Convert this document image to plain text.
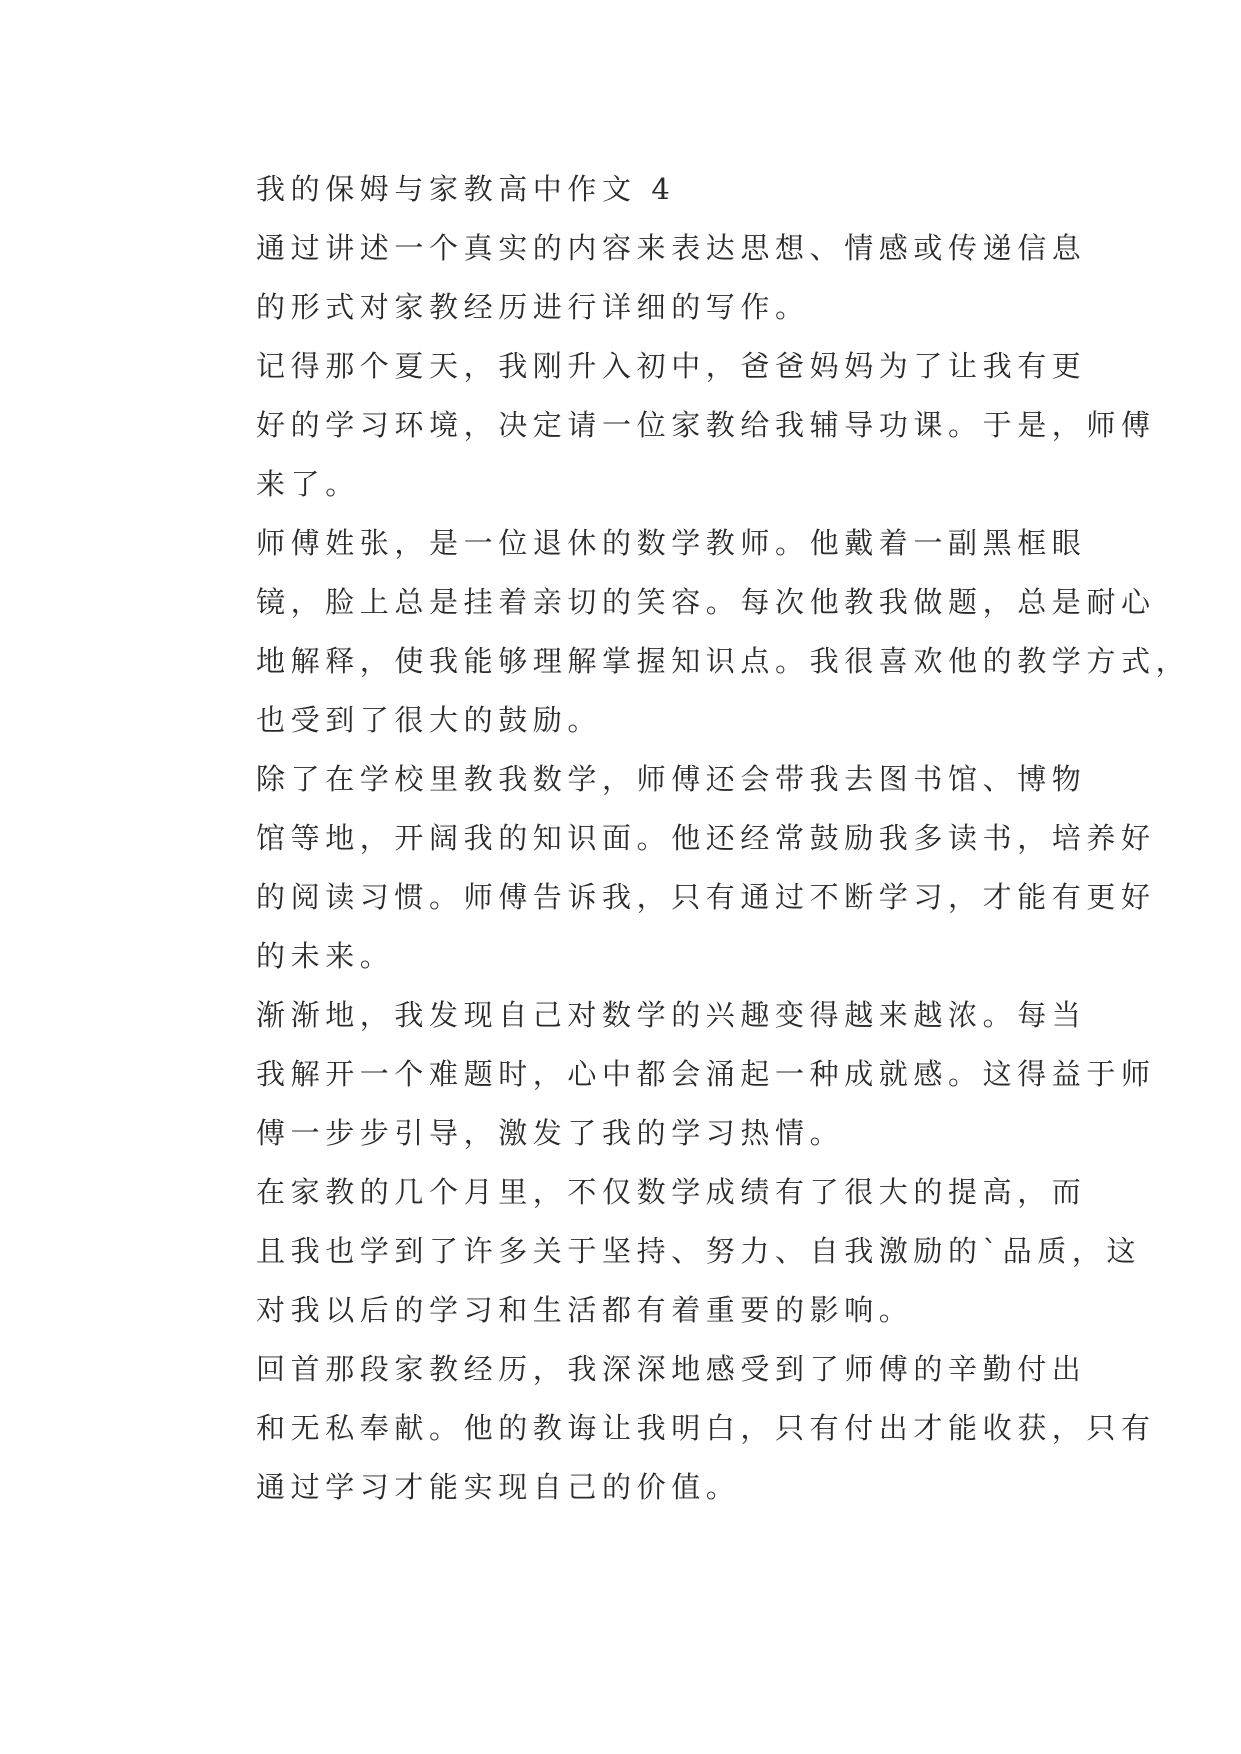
我的保姆与家教高中作文 4

通过讲述一个真实的内容来表达思想、情感或传递信息
的形式对家教经历进行详细的写作。

记得那个夏天，我刚升入初中，爸爸妈妈为了让我有更
好的学习环境，决定请一位家教给我辅导功课。于是，师傅
来了。

师傅姓张，是一位退休的数学教师。他戴着一副黑框眼
镜，脸上总是挂着亲切的笑容。每次他教我做题，总是耐心
地解释，使我能够理解掌握知识点。我很喜欢他的教学方式，
也受到了很大的鼓励。

除了在学校里教我数学，师傅还会带我去图书馆、博物
馆等地，开阔我的知识面。他还经常鼓励我多读书，培养好
的阅读习惯。师傅告诉我，只有通过不断学习，才能有更好
的未来。

渐渐地，我发现自己对数学的兴趣变得越来越浓。每当
我解开一个难题时，心中都会涌起一种成就感。这得益于师
傅一步步引导，激发了我的学习热情。

在家教的几个月里，不仅数学成绩有了很大的提高，而
且我也学到了许多关于坚持、努力、自我激励的`品质，这
对我以后的学习和生活都有着重要的影响。

回首那段家教经历，我深深地感受到了师傅的辛勤付出
和无私奉献。他的教诲让我明白，只有付出才能收获，只有
通过学习才能实现自己的价值。
